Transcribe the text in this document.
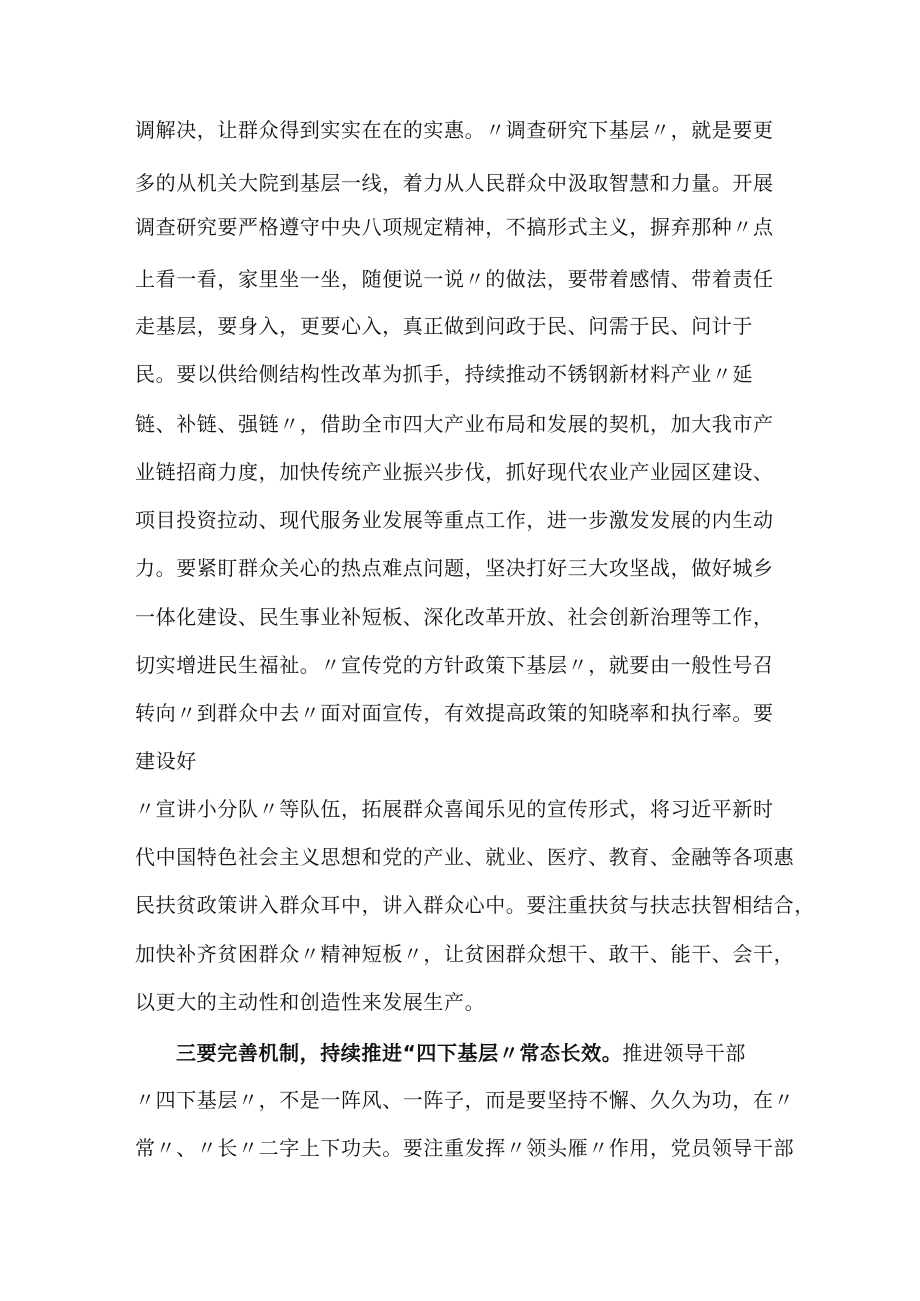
调解决，让群众得到实实在在的实惠。〃调查研究下基层〃，就是要更
多的从机关大院到基层一线，着力从人民群众中汲取智慧和力量。开展
调查研究要严格遵守中央八项规定精神，不搞形式主义，摒弃那种〃点
上看一看，家里坐一坐，随便说一说〃的做法，要带着感情、带着责任
走基层，要身入，更要心入，真正做到问政于民、问需于民、问计于
民。要以供给侧结构性改革为抓手，持续推动不锈钢新材料产业〃延
链、补链、强链〃，借助全市四大产业布局和发展的契机，加大我市产
业链招商力度，加快传统产业振兴步伐，抓好现代农业产业园区建设、
项目投资拉动、现代服务业发展等重点工作，进一步激发发展的内生动
力。要紧盯群众关心的热点难点问题，坚决打好三大攻坚战，做好城乡
一体化建设、民生事业补短板、深化改革开放、社会创新治理等工作，
切实增进民生福祉。〃宣传党的方针政策下基层〃，就要由一般性号召
转向〃到群众中去〃面对面宣传，有效提高政策的知晓率和执行率。要
建设好
〃宣讲小分队〃等队伍，拓展群众喜闻乐见的宣传形式，将习近平新时
代中国特色社会主义思想和党的产业、就业、医疗、教育、金融等各项惠
民扶贫政策讲入群众耳中，讲入群众心中。要注重扶贫与扶志扶智相结合，
加快补齐贫困群众〃精神短板〃，让贫困群众想干、敢干、能干、会干，
以更大的主动性和创造性来发展生产。
三要完善机制，持续推进“四下基层〃常态长效。推进领导干部
〃四下基层〃，不是一阵风、一阵子，而是要坚持不懈、久久为功，在〃
常〃、〃长〃二字上下功夫。要注重发挥〃领头雁〃作用，党员领导干部
